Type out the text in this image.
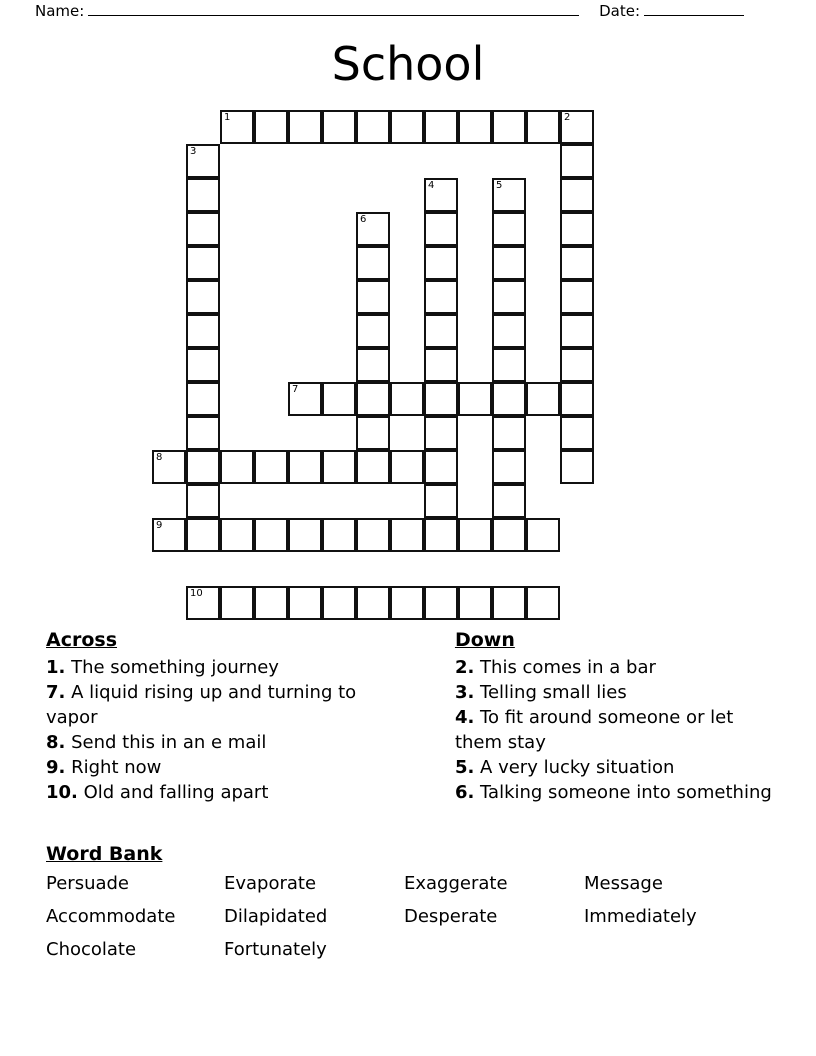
Name:	Date:
School
1	2
3
4	5
6
7
8
9
10
Across

1. The something journey

7. A liquid rising up and turning to vapor

8. Send this in an e mail

9. Right now

10. Old and falling apart

Down

2. This comes in a bar

3. Telling small lies

4. To fit around someone or let them stay

5. A very lucky situation

6. Talking someone into something

Word Bank
Persuade	Evaporate	Exaggerate	Message
Accommodate	Dilapidated	Desperate	Immediately
Chocolate	Fortunately
